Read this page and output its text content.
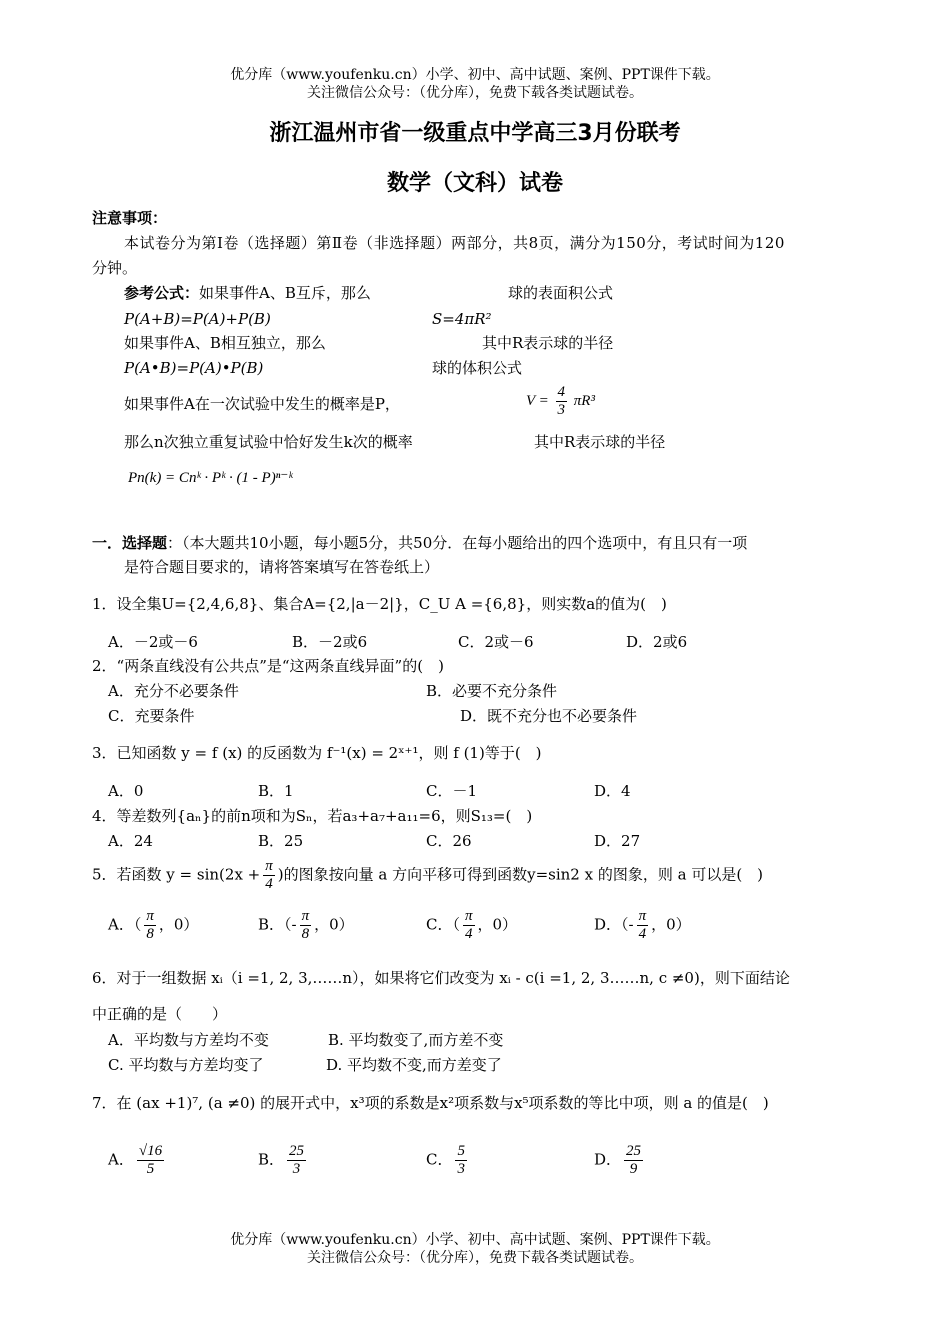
优分库（www.youfenku.cn）小学、初中、高中试题、案例、PPT课件下载。
关注微信公众号：（优分库），免费下载各类试题试卷。
浙江温州市省一级重点中学高三3月份联考
数学（文科）试卷
注意事项：
本试卷分为第Ⅰ卷（选择题）第Ⅱ卷（非选择题）两部分，共8页，满分为150分，考试时间为120
分钟。
参考公式：如果事件A、B互斥，那么	球的表面积公式
P(A+B)=P(A)+P(B)	S=4πR²
如果事件A、B相互独立，那么	其中R表示球的半径
P(A•B)=P(A)•P(B)	球的体积公式
如果事件A在一次试验中发生的概率是P，	$V = \frac{4}{3} \pi R^3$
那么n次独立重复试验中恰好发生k次的概率	其中R表示球的半径
Pn(k) = Cnᵏ · Pᵏ · (1 - P)ⁿ⁻ᵏ
一．选择题：（本大题共10小题，每小题5分，共50分．在每小题给出的四个选项中，有且只有一项
是符合题目要求的，请将答案填写在答卷纸上）
1．设全集U={2,4,6,8}、集合A={2,|a－2|}，C_U A ={6,8}，则实数a的值为(　)
A．－2或－6	B．－2或6	C．2或－6	D．2或6
2．“两条直线没有公共点”是“这两条直线异面”的(　)
A．充分不必要条件	B．必要不充分条件
C．充要条件	D．既不充分也不必要条件
3．已知函数 y = f (x) 的反函数为 f⁻¹(x) = 2ˣ⁺¹，则 f (1)等于(　)
A．0	B．1	C．－1	D．4
4．等差数列{aₙ}的前n项和为Sₙ，若a₃+a₇+a₁₁=6，则S₁₃=(　)
A．24	B．25	C．26	D．27
5．若函数 $y = \sin(2x + \frac{\pi}{4}$ )的图象按向量 a 方向平移可得到函数y=sin2 x 的图象，则 a 可以是(　)
A．（ $\frac{\pi}{8}$ ，0）	B．（- $\frac{\pi}{8}$ ，0）	C．（ $\frac{\pi}{4}$ ，0）	D．（- $\frac{\pi}{4}$ ，0）
6．对于一组数据 xᵢ（i =1, 2, 3,……n），如果将它们改变为 xᵢ - c(i =1, 2, 3……n, c ≠0)，则下面结论
中正确的是（　　）
A．平均数与方差均不变	B. 平均数变了,而方差不变
C. 平均数与方差均变了	D. 平均数不变,而方差变了
7．在 (ax +1)⁷, (a ≠0) 的展开式中，x³项的系数是x²项系数与x⁵项系数的等比中项，则 a 的值是(　)
A． $\frac{√16}{5}$	B． $\frac{25}{3}$	C． $\frac{5}{3}$	D． $\frac{25}{9}$
优分库（www.youfenku.cn）小学、初中、高中试题、案例、PPT课件下载。
关注微信公众号：（优分库），免费下载各类试题试卷。
